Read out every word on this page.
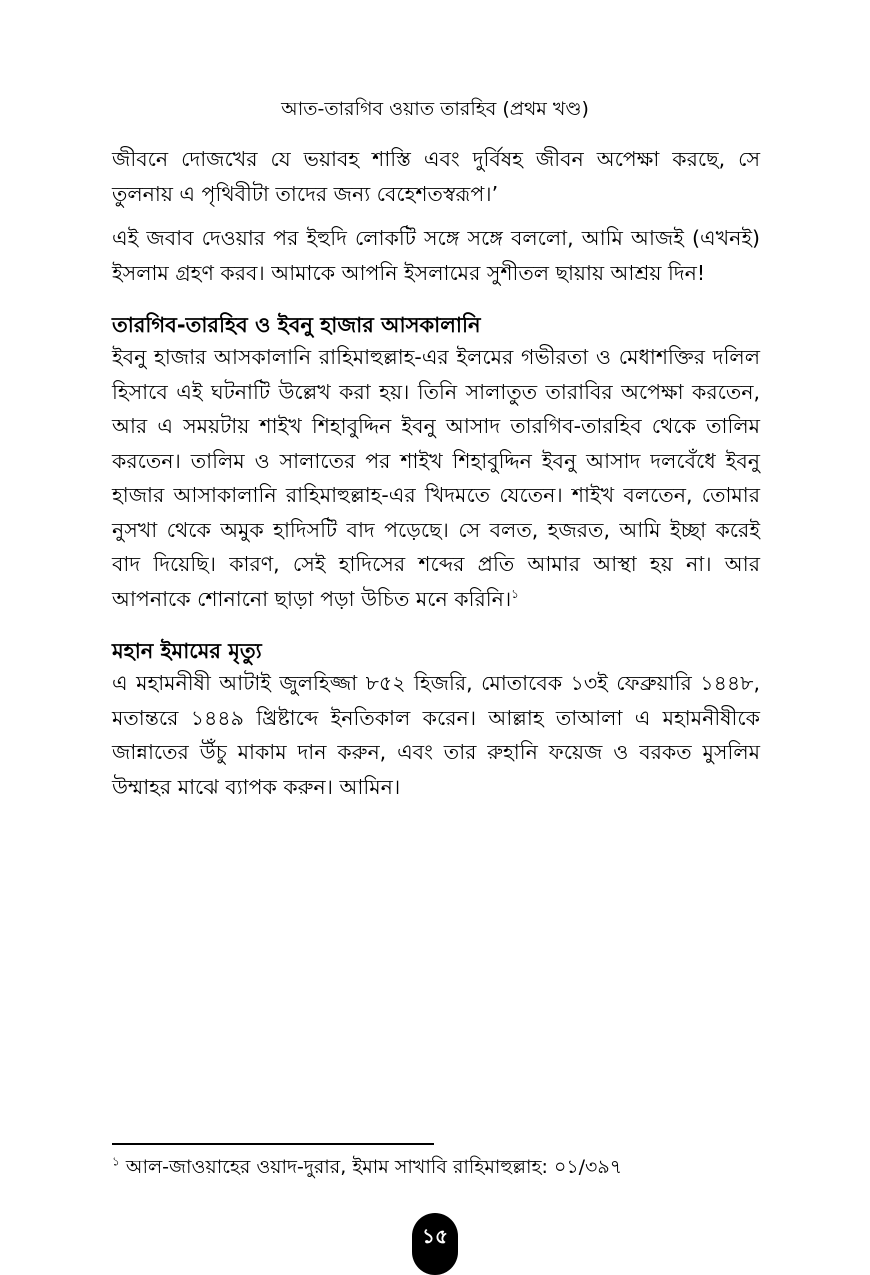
আত-তারগিব ওয়াত তারহিব (প্রথম খণ্ড)

জীবনে দোজখের যে ভয়াবহ শাস্তি এবং দুর্বিষহ জীবন অপেক্ষা করছে, সে তুলনায় এ পৃথিবীটা তাদের জন্য বেহেশতস্বরূপ।’

এই জবাব দেওয়ার পর ইহুদি লোকটি সঙ্গে সঙ্গে বললো, আমি আজই (এখনই) ইসলাম গ্রহণ করব। আমাকে আপনি ইসলামের সুশীতল ছায়ায় আশ্রয় দিন!

তারগিব-তারহিব ও ইবনু হাজার আসকালানি

ইবনু হাজার আসকালানি রাহিমাহুল্লাহ-এর ইলমের গভীরতা ও মেধাশক্তির দলিল হিসাবে এই ঘটনাটি উল্লেখ করা হয়। তিনি সালাতুত তারাবির অপেক্ষা করতেন, আর এ সময়টায় শাইখ শিহাবুদ্দিন ইবনু আসাদ তারগিব-তারহিব থেকে তালিম করতেন। তালিম ও সালাতের পর শাইখ শিহাবুদ্দিন ইবনু আসাদ দলবেঁধে ইবনু হাজার আসাকালানি রাহিমাহুল্লাহ-এর খিদমতে যেতেন। শাইখ বলতেন, তোমার নুসখা থেকে অমুক হাদিসটি বাদ পড়েছে। সে বলত, হজরত, আমি ইচ্ছা করেই বাদ দিয়েছি। কারণ, সেই হাদিসের শব্দের প্রতি আমার আস্থা হয় না। আর আপনাকে শোনানো ছাড়া পড়া উচিত মনে করিনি।$^১$

মহান ইমামের মৃত্যু

এ মহামনীষী আটাই জুলহিজ্জা ৮৫২ হিজরি, মোতাবেক ১৩ই ফেব্রুয়ারি ১৪৪৮, মতান্তরে ১৪৪৯ খ্রিষ্টাব্দে ইনতিকাল করেন। আল্লাহ তাআলা এ মহামনীষীকে জান্নাতের উঁচু মাকাম দান করুন, এবং তার রুহানি ফয়েজ ও বরকত মুসলিম উম্মাহর মাঝে ব্যাপক করুন। আমিন।

$^১$ আল-জাওয়াহের ওয়াদ-দুরার, ইমাম সাখাবি রাহিমাহুল্লাহ: ০১/৩৯৭
১৫
